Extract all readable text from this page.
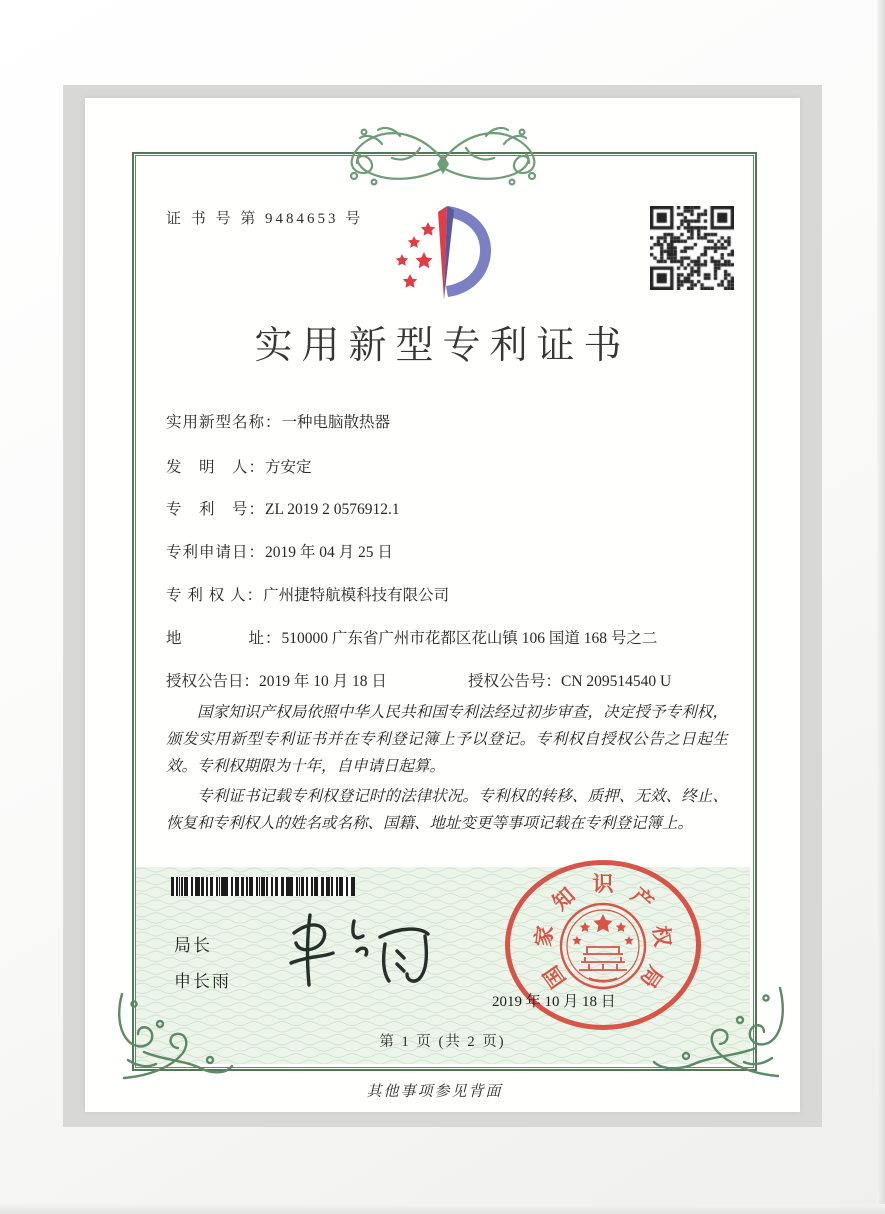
证 书 号 第 9484653 号
实用新型专利证书
实用新型名称：一种电脑散热器
发　明　人：方安定
专　利　号：ZL 2019 2 0576912.1
专利申请日：2019 年 04 月 25 日
专 利 权 人：广州捷特航模科技有限公司
地　　　　址：510000 广东省广州市花都区花山镇 106 国道 168 号之二
授权公告日：2019 年 10 月 18 日	授权公告号：CN 209514540 U

国家知识产权局依照中华人民共和国专利法经过初步审查，决定授予专利权，颁发实用新型专利证书并在专利登记簿上予以登记。专利权自授权公告之日起生效。专利权期限为十年，自申请日起算。

专利证书记载专利权登记时的法律状况。专利权的转移、质押、无效、终止、恢复和专利权人的姓名或名称、国籍、地址变更等事项记载在专利登记簿上。

局长
申长雨	国
家
知 识 产
权
局
2019 年 10 月 18 日
第 1 页 (共 2 页)
其他事项参见背面
